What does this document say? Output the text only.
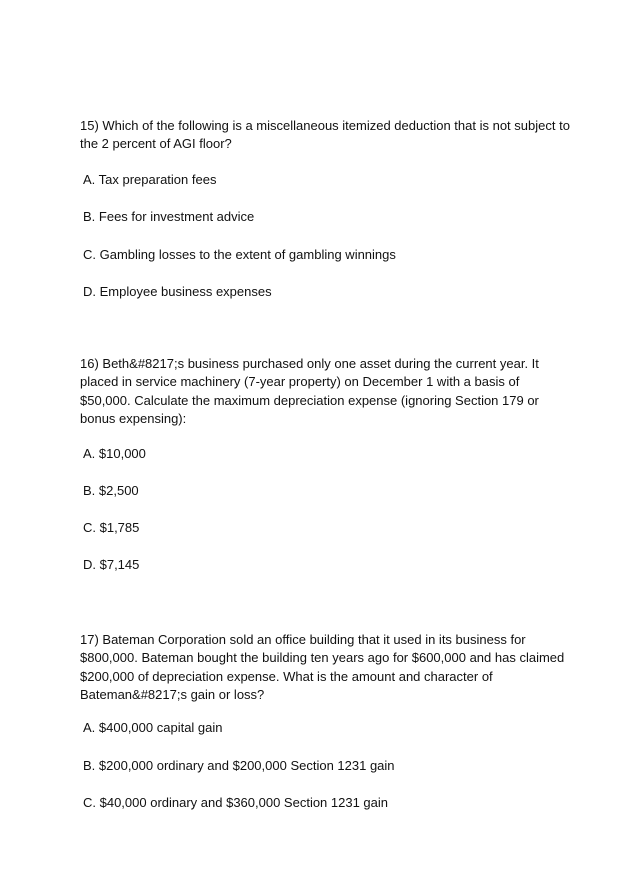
15) Which of the following is a miscellaneous itemized deduction that is not subject to the 2 percent of AGI floor?

A. Tax preparation fees
B. Fees for investment advice
C. Gambling losses to the extent of gambling winnings
D. Employee business expenses

16) Beth&#8217;s business purchased only one asset during the current year. It placed in service machinery (7-year property) on December 1 with a basis of $50,000. Calculate the maximum depreciation expense (ignoring Section 179 or bonus expensing):

A. $10,000
B. $2,500
C. $1,785
D. $7,145

17) Bateman Corporation sold an office building that it used in its business for $800,000. Bateman bought the building ten years ago for $600,000 and has claimed $200,000 of depreciation expense. What is the amount and character of Bateman&#8217;s gain or loss?

A. $400,000 capital gain
B. $200,000 ordinary and $200,000 Section 1231 gain
C. $40,000 ordinary and $360,000 Section 1231 gain
